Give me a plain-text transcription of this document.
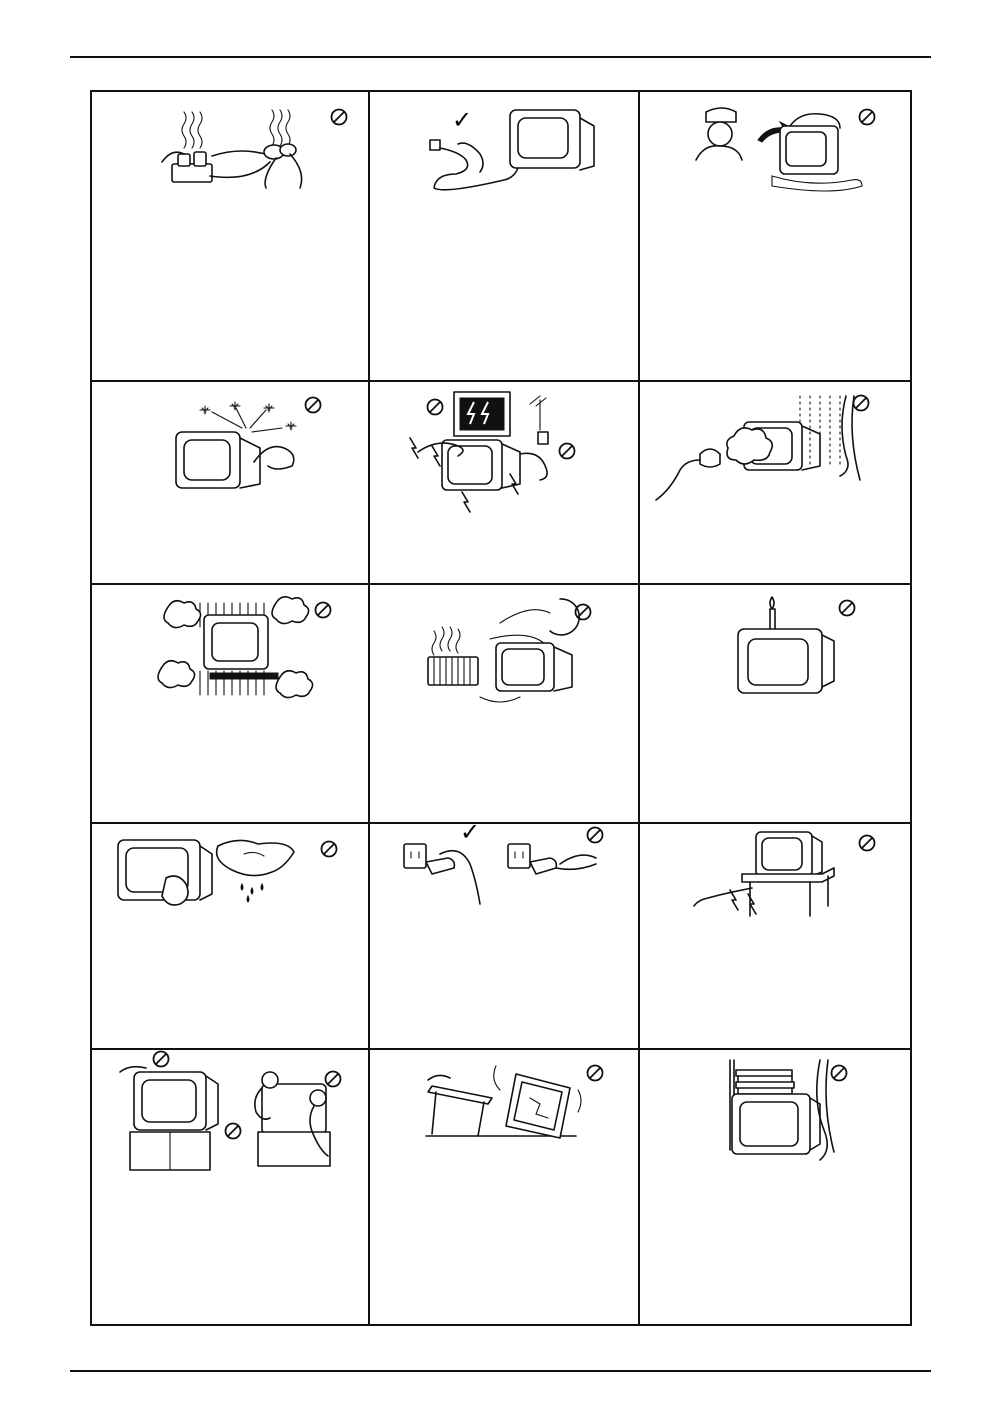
✓
✓
